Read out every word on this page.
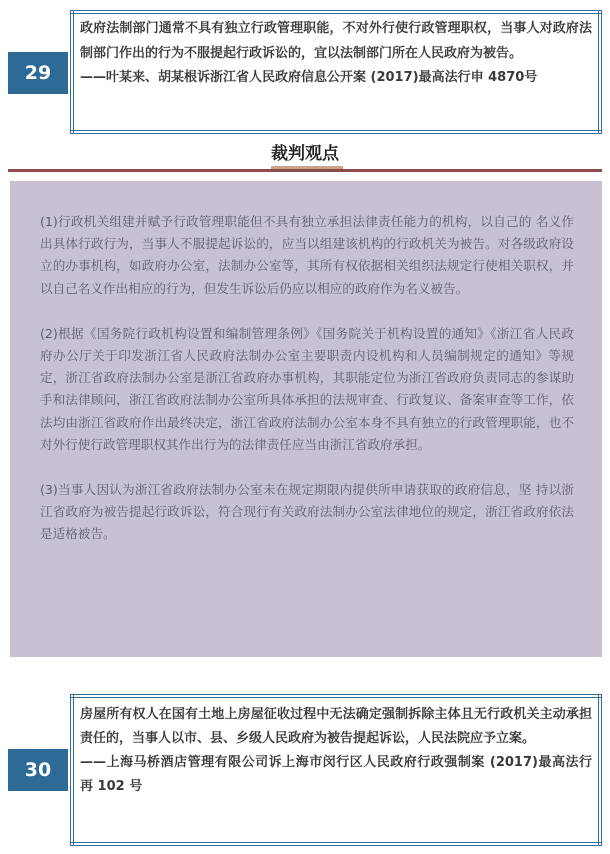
29

政府法制部门通常不具有独立行政管理职能，不对外行使行政管理职权，当事人对政府法制部门作出的行为不服提起行政诉讼的，宜以法制部门所在人民政府为被告。

——叶某来、胡某根诉浙江省人民政府信息公开案 (2017)最高法行申 4870号

裁判观点

(1)行政机关组建并赋予行政管理职能但不具有独立承担法律责任能力的机构，以自己的 名义作出具体行政行为，当事人不服提起诉讼的，应当以组建该机构的行政机关为被告。对各级政府设立的办事机构，如政府办公室，法制办公室等，其所有权依据相关组织法规定行使相关职权，并以自己名义作出相应的行为，但发生诉讼后仍应以相应的政府作为名义被告。

(2)根据《国务院行政机构设置和编制管理条例》《国务院关于机构设置的通知》《浙江省人民政府办公厅关于印发浙江省人民政府法制办公室主要职责内设机构和人员编制规定的通知》等规定，浙江省政府法制办公室是浙江省政府办事机构，其职能定位为浙江省政府负责同志的参谋助手和法律顾问，浙江省政府法制办公室所具体承担的法规审查、行政复议、备案审查等工作，依法均由浙江省政府作出最终决定，浙江省政府法制办公室本身不具有独立的行政管理职能，也不对外行使行政管理职权其作出行为的法律责任应当由浙江省政府承担。

(3)当事人因认为浙江省政府法制办公室未在规定期限内提供所申请获取的政府信息，坚 持以浙江省政府为被告提起行政诉讼，符合现行有关政府法制办公室法律地位的规定，浙江省政府依法是适格被告。

30

房屋所有权人在国有土地上房屋征收过程中无法确定强制拆除主体且无行政机关主动承担责任的，当事人以市、县、乡级人民政府为被告提起诉讼，人民法院应予立案。

——上海马桥酒店管理有限公司诉上海市闵行区人民政府行政强制案 (2017)最高法行 再 102 号
